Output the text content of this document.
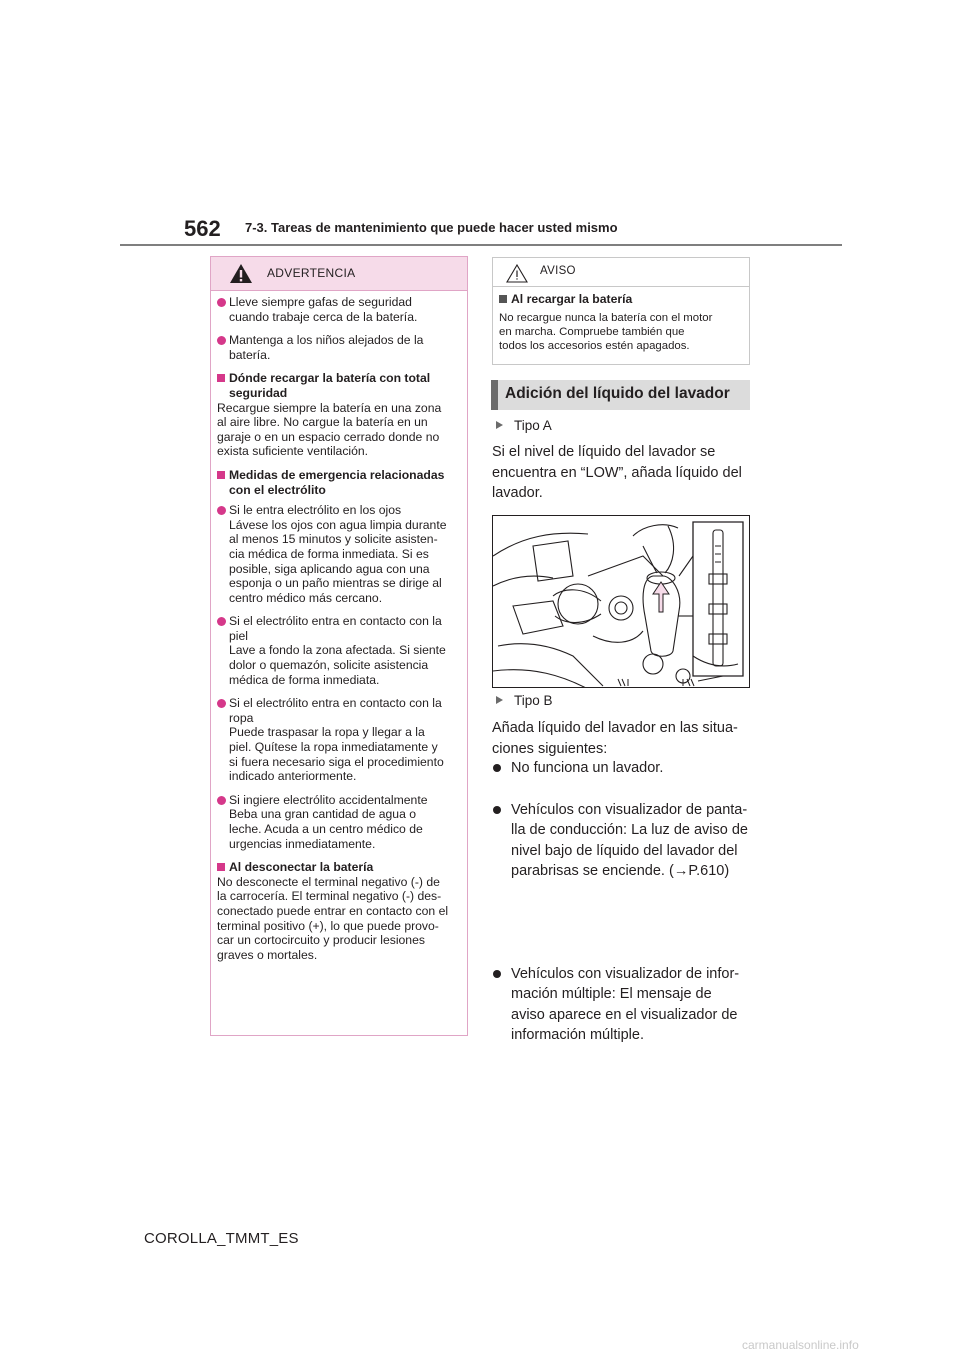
562 7-3. Tareas de mantenimiento que puede hacer usted mismo
ADVERTENCIA
Lleve siempre gafas de seguridad
cuando trabaje cerca de la batería.
Mantenga a los niños alejados de la
batería.
Dónde recargar la batería con total
seguridad
Recargue siempre la batería en una zona
al aire libre. No cargue la batería en un
garaje o en un espacio cerrado donde no
exista suficiente ventilación.
Medidas de emergencia relacionadas
con el electrólito
Si le entra electrólito en los ojos
Lávese los ojos con agua limpia durante
al menos 15 minutos y solicite asisten-
cia médica de forma inmediata. Si es
posible, siga aplicando agua con una
esponja o un paño mientras se dirige al
centro médico más cercano.
Si el electrólito entra en contacto con la
piel
Lave a fondo la zona afectada. Si siente
dolor o quemazón, solicite asistencia
médica de forma inmediata.
Si el electrólito entra en contacto con la
ropa
Puede traspasar la ropa y llegar a la
piel. Quítese la ropa inmediatamente y
si fuera necesario siga el procedimiento
indicado anteriormente.
Si ingiere electrólito accidentalmente
Beba una gran cantidad de agua o
leche. Acuda a un centro médico de
urgencias inmediatamente.
Al desconectar la batería
No desconecte el terminal negativo (-) de
la carrocería. El terminal negativo (-) des-
conectado puede entrar en contacto con el
terminal positivo (+), lo que puede provo-
car un cortocircuito y producir lesiones
graves o mortales.
AVISO
Al recargar la batería
No recargue nunca la batería con el motor
en marcha. Compruebe también que
todos los accesorios estén apagados.
Adición del líquido del lavador
Tipo A
Si el nivel de líquido del lavador se
encuentra en “LOW”, añada líquido del
lavador.
Tipo B
Añada líquido del lavador en las situa-
ciones siguientes:
No funciona un lavador.
Vehículos con visualizador de panta-
lla de conducción: La luz de aviso de
nivel bajo de líquido del lavador del
parabrisas se enciende. (→P.610)
Vehículos con visualizador de infor-
mación múltiple: El mensaje de
aviso aparece en el visualizador de
información múltiple.
COROLLA_TMMT_ES
carmanualsonline.info
